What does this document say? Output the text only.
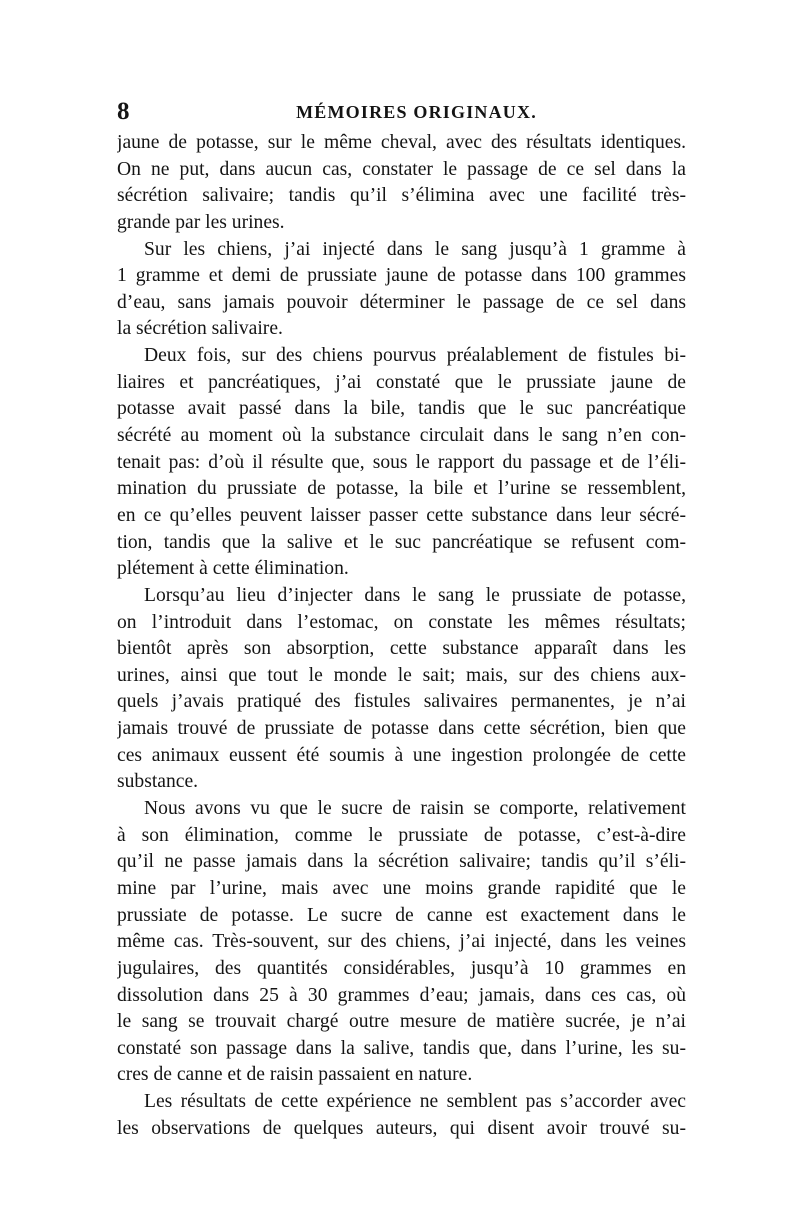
8	MÉMOIRES ORIGINAUX.
jaune de potasse, sur le même cheval, avec des résultats identiques.
On ne put, dans aucun cas, constater le passage de ce sel dans la
sécrétion salivaire; tandis qu’il s’élimina avec une facilité très-
grande par les urines.
Sur les chiens, j’ai injecté dans le sang jusqu’à 1 gramme à
1 gramme et demi de prussiate jaune de potasse dans 100 grammes
d’eau, sans jamais pouvoir déterminer le passage de ce sel dans
la sécrétion salivaire.
Deux fois, sur des chiens pourvus préalablement de fistules bi-
liaires et pancréatiques, j’ai constaté que le prussiate jaune de
potasse avait passé dans la bile, tandis que le suc pancréatique
sécrété au moment où la substance circulait dans le sang n’en con-
tenait pas: d’où il résulte que, sous le rapport du passage et de l’éli-
mination du prussiate de potasse, la bile et l’urine se ressemblent,
en ce qu’elles peuvent laisser passer cette substance dans leur sécré-
tion, tandis que la salive et le suc pancréatique se refusent com-
plétement à cette élimination.
Lorsqu’au lieu d’injecter dans le sang le prussiate de potasse,
on l’introduit dans l’estomac, on constate les mêmes résultats;
bientôt après son absorption, cette substance apparaît dans les
urines, ainsi que tout le monde le sait; mais, sur des chiens aux-
quels j’avais pratiqué des fistules salivaires permanentes, je n’ai
jamais trouvé de prussiate de potasse dans cette sécrétion, bien que
ces animaux eussent été soumis à une ingestion prolongée de cette
substance.
Nous avons vu que le sucre de raisin se comporte, relativement
à son élimination, comme le prussiate de potasse, c’est-à-dire
qu’il ne passe jamais dans la sécrétion salivaire; tandis qu’il s’éli-
mine par l’urine, mais avec une moins grande rapidité que le
prussiate de potasse. Le sucre de canne est exactement dans le
même cas. Très-souvent, sur des chiens, j’ai injecté, dans les veines
jugulaires, des quantités considérables, jusqu’à 10 grammes en
dissolution dans 25 à 30 grammes d’eau; jamais, dans ces cas, où
le sang se trouvait chargé outre mesure de matière sucrée, je n’ai
constaté son passage dans la salive, tandis que, dans l’urine, les su-
cres de canne et de raisin passaient en nature.
Les résultats de cette expérience ne semblent pas s’accorder avec
les observations de quelques auteurs, qui disent avoir trouvé su-
